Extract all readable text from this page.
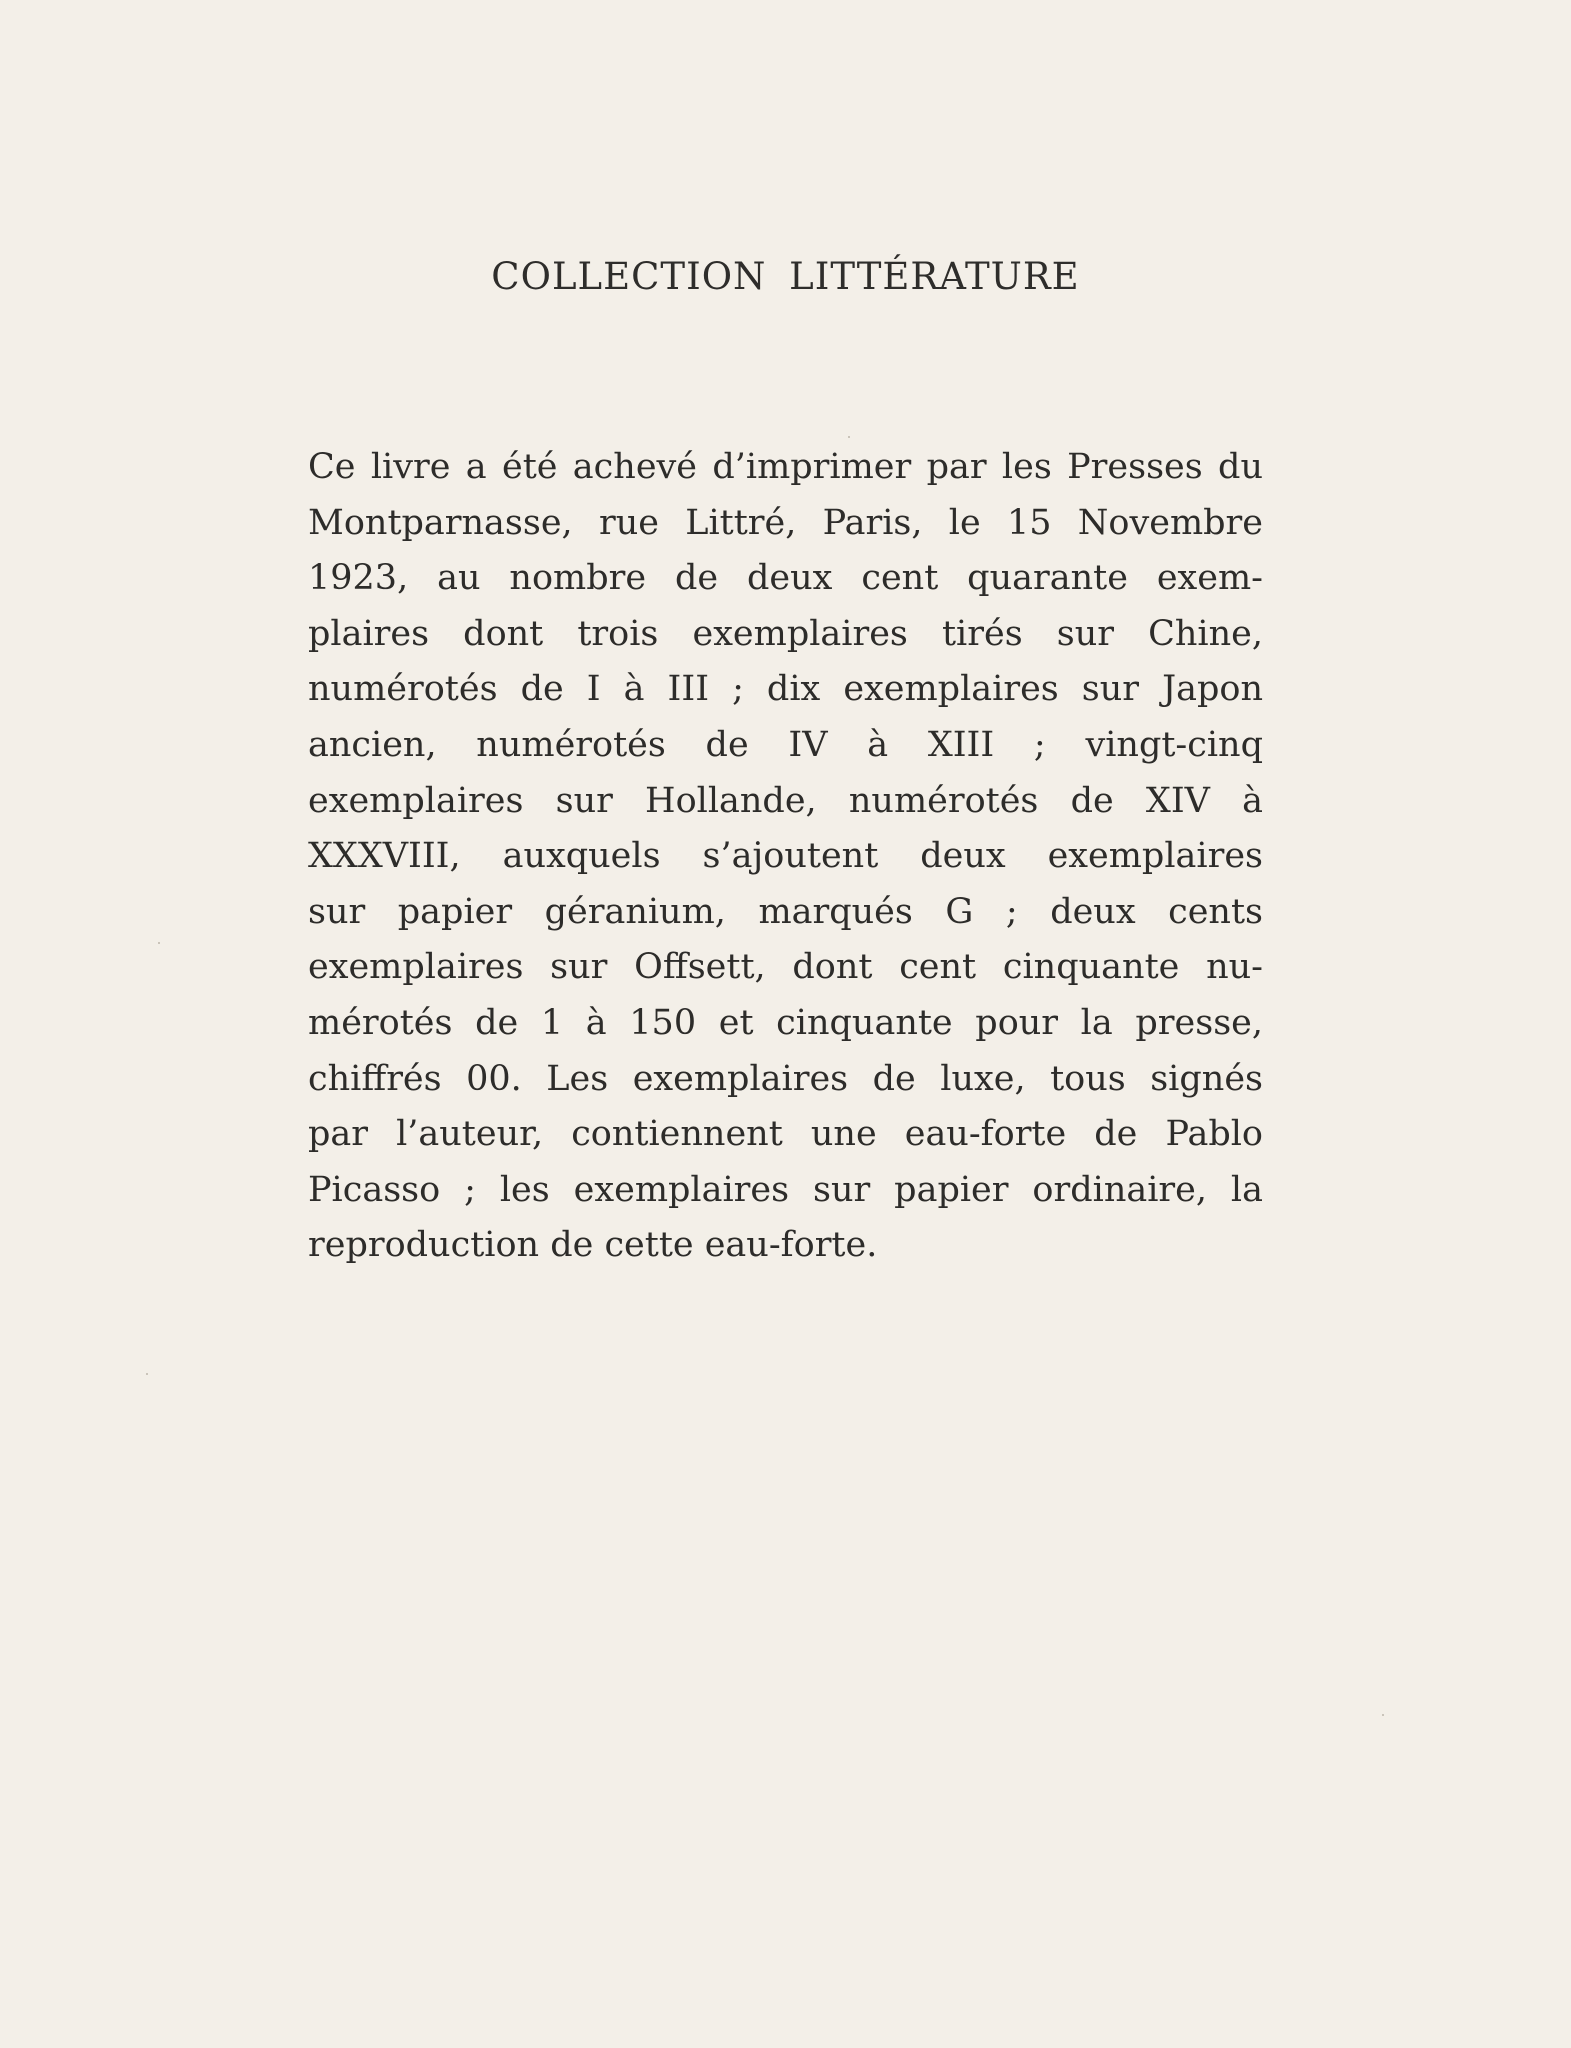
COLLECTION LITTÉRATURE
Ce livre a été achevé d’imprimer par les Presses du
Montparnasse, rue Littré, Paris, le 15 Novembre
1923, au nombre de deux cent quarante exem-
plaires dont trois exemplaires tirés sur Chine,
numérotés de I à III ; dix exemplaires sur Japon
ancien, numérotés de IV à XIII ; vingt-cinq
exemplaires sur Hollande, numérotés de XIV à
XXXVIII, auxquels s’ajoutent deux exemplaires
sur papier géranium, marqués G ; deux cents
exemplaires sur Offsett, dont cent cinquante nu-
mérotés de 1 à 150 et cinquante pour la presse,
chiffrés 00. Les exemplaires de luxe, tous signés
par l’auteur, contiennent une eau-forte de Pablo
Picasso ; les exemplaires sur papier ordinaire, la
reproduction de cette eau-forte.
